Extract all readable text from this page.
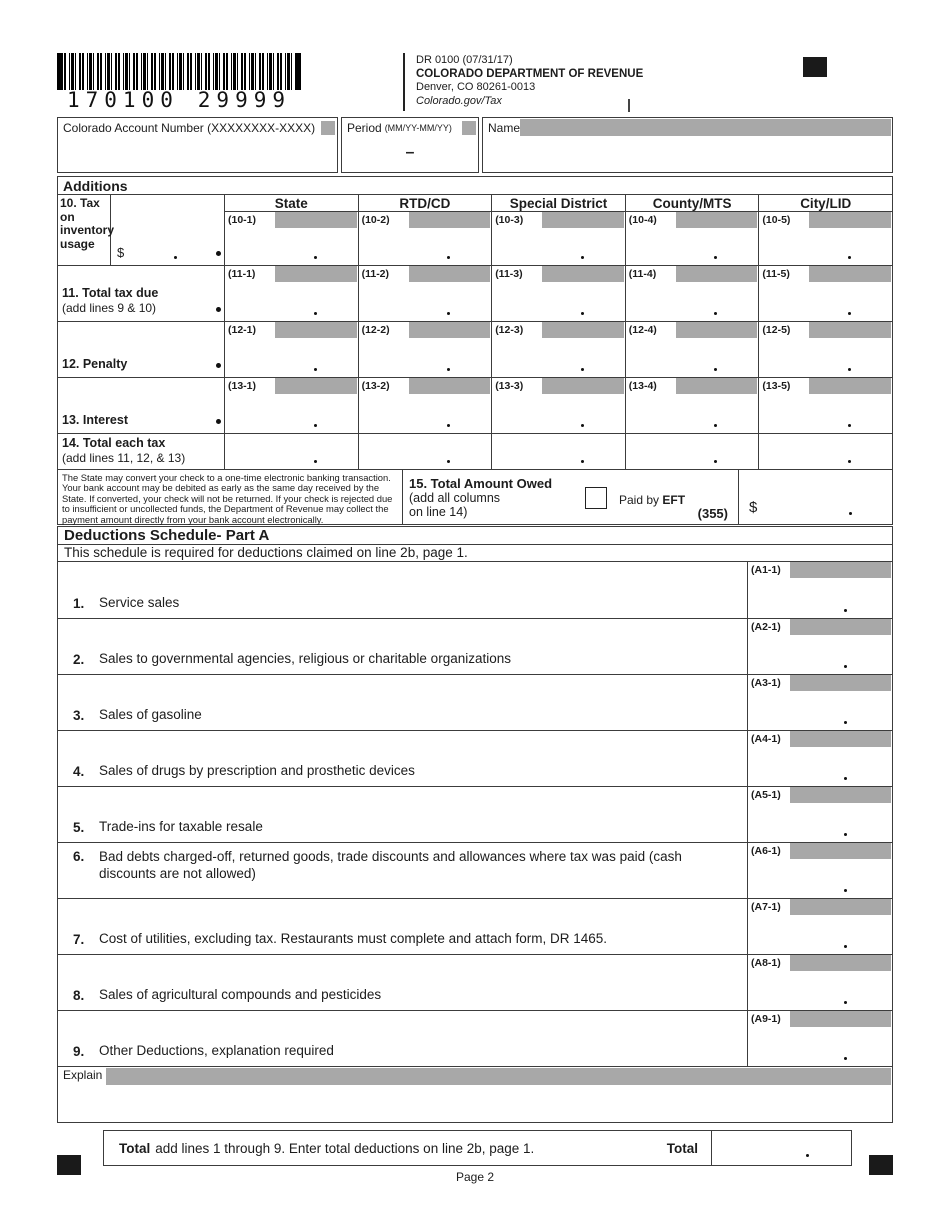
170100 29999
DR 0100 (07/31/17)
COLORADO DEPARTMENT OF REVENUE
Denver, CO 80261-0013
Colorado.gov/Tax
Colorado Account Number (XXXXXXXX-XXXX)	Period (MM/YY-MM/YY)
–
Name
Additions
10. Tax on inventory usage
$
State	RTD/CD	Special District	County/MTS	City/LID
(10-1)	(10-2)	(10-3)	(10-4)	(10-5)
11. Total tax due
(add lines 9 & 10)
(11-1)	(11-2)	(11-3)	(11-4)	(11-5)
12. Penalty
(12-1)	(12-2)	(12-3)	(12-4)	(12-5)
13. Interest
(13-1)	(13-2)	(13-3)	(13-4)	(13-5)
14. Total each tax
(add lines 11, 12, & 13)
The State may convert your check to a one-time electronic banking transaction. Your bank account may be debited as early as the same day received by the State. If converted, your check will not be returned. If your check is rejected due to insufficient or uncollected funds, the Department of Revenue may collect the payment amount directly from your bank account electronically.
15. Total Amount Owed
(add all columns
on line 14)
Paid by EFT
(355) $
Deductions Schedule- Part A
This schedule is required for deductions claimed on line 2b, page 1.
1.	Service sales
(A1-1)
2.	Sales to governmental agencies, religious or charitable organizations
(A2-1)
3.	Sales of gasoline
(A3-1)
4.	Sales of drugs by prescription and prosthetic devices
(A4-1)
5.	Trade-ins for taxable resale
(A5-1)
6.	Bad debts charged-off, returned goods, trade discounts and allowances where tax was paid (cash discounts are not allowed)
(A6-1)
7.	Cost of utilities, excluding tax. Restaurants must complete and attach form, DR 1465.
(A7-1)
8.	Sales of agricultural compounds and pesticides
(A8-1)
9.	Other Deductions, explanation required
(A9-1)
Explain
Total add lines 1 through 9. Enter total deductions on line 2b, page 1.	Total
Page 2
